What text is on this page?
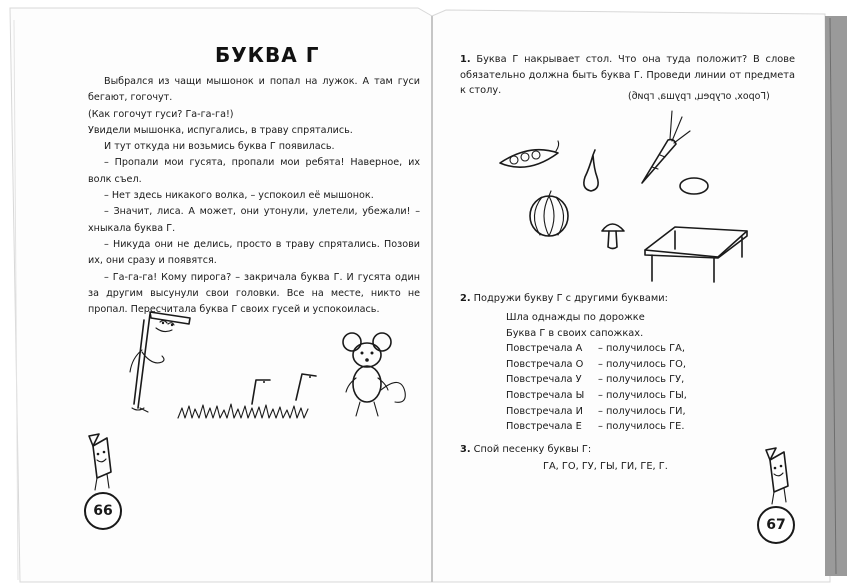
БУКВА Г

Выбрался из чащи мышонок и попал на лужок. А там гуси бегают, гогочут.

(Как гогочут гуси? Га-га-га!)

Увидели мышонка, испугались, в траву спрятались.

И тут откуда ни возьмись буква Г появилась.

– Пропали мои гусята, пропали мои ребята! Наверное, их волк съел.

– Нет здесь никакого волка, – успокоил её мышонок.

– Значит, лиса. А может, они утонули, улетели, убежали! – хныкала буква Г.

– Никуда они не делись, просто в траву спрятались. Позови их, они сразу и появятся.

– Га-га-га! Кому пирога? – закричала буква Г. И гусята один за другим высунули свои головки. Все на месте, никто не пропал. Пересчитала буква Г своих гусей и успокоилась.

66
1. Буква Г накрывает стол. Что она туда положит? В слове обязательно должна быть буква Г. Проведи линии от предмета к столу.
(Горох, огурец, груша, гриб)
2. Подружи букву Г с другими буквами:
Шла однажды по дорожке
Буква Г в своих сапожках.
Повстречала А	– получилось ГА,
Повстречала О	– получилось ГО,
Повстречала У	– получилось ГУ,
Повстречала Ы	– получилось ГЫ,
Повстречала И	– получилось ГИ,
Повстречала Е	– получилось ГЕ.
3. Спой песенку буквы Г:
ГА, ГО, ГУ, ГЫ, ГИ, ГЕ, Г.
67
